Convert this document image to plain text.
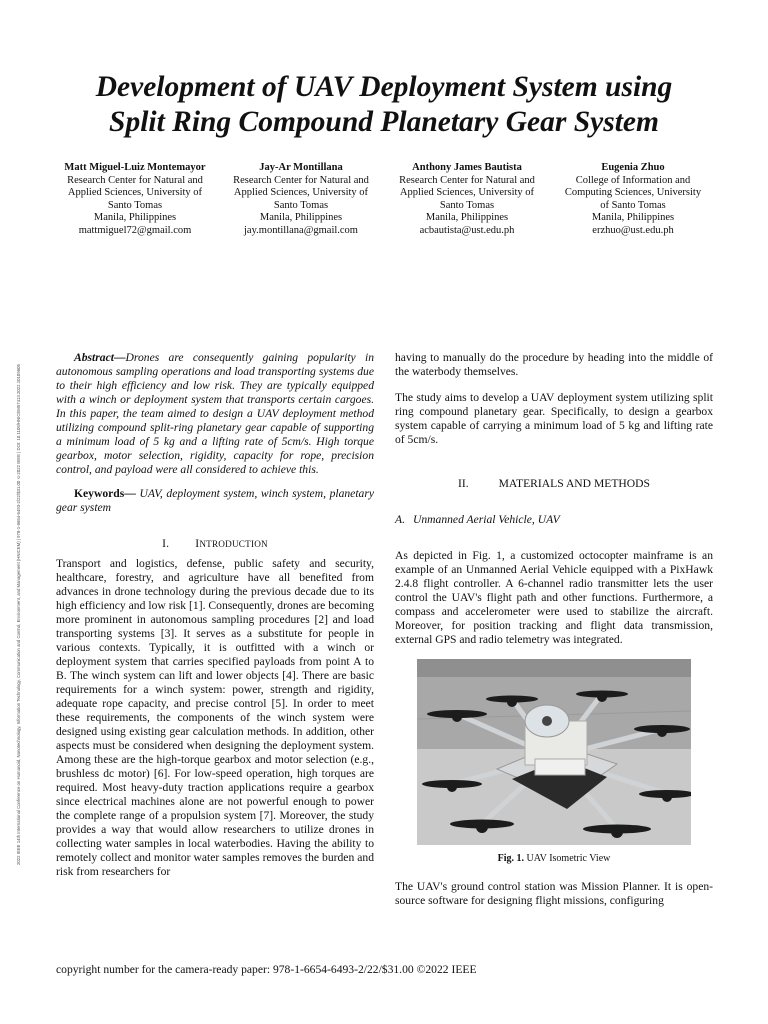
2022 IEEE 14th International Conference on Humanoid, Nanotechnology, Information Technology, Communication and Control, Environment, and Management (HNICEM) | 978-1-6654-6493-2/22/$31.00 ©2022 IEEE | DOI: 10.1109/HNICEM57413.2022.10109605
Development of UAV Deployment System using
Split Ring Compound Planetary Gear System
Matt Miguel-Luiz Montemayor
Research Center for Natural and
Applied Sciences, University of
Santo Tomas
Manila, Philippines
mattmiguel72@gmail.com
Jay-Ar Montillana
Research Center for Natural and
Applied Sciences, University of
Santo Tomas
Manila, Philippines
jay.montillana@gmail.com
Anthony James Bautista
Research Center for Natural and
Applied Sciences, University of
Santo Tomas
Manila, Philippines
acbautista@ust.edu.ph
Eugenia Zhuo
College of Information and
Computing Sciences, University
of Santo Tomas
Manila, Philippines
erzhuo@ust.edu.ph

Abstract—Drones are consequently gaining popularity in autonomous sampling operations and load transporting systems due to their high efficiency and low risk. They are typically equipped with a winch or deployment system that transports certain cargoes. In this paper, the team aimed to design a UAV deployment method utilizing compound split-ring planetary gear capable of supporting a minimum load of 5 kg and a lifting rate of 5cm/s. High torque gearbox, motor selection, rigidity, capacity for rope, precision control, and payload were all considered to achieve this.

Keywords— UAV, deployment system, winch system, planetary gear system

I. INTRODUCTION

Transport and logistics, defense, public safety and security, healthcare, forestry, and agriculture have all benefited from advances in drone technology during the previous decade due to its high efficiency and low risk [1]. Consequently, drones are becoming more prominent in autonomous sampling procedures [2] and load transporting systems [3]. It serves as a substitute for people in various contexts. Typically, it is outfitted with a winch or deployment system that carries specified payloads from point A to B. The winch system can lift and lower objects [4]. There are basic requirements for a winch system: power, strength and rigidity, adequate rope capacity, and precise control [5]. In order to meet these requirements, the components of the winch system were designed using existing gear calculation methods. In addition, other aspects must be considered when designing the deployment system. Among these are the high-torque gearbox and motor selection (e.g., brushless dc motor) [6]. For low-speed operation, high torques are required. Most heavy-duty traction applications require a gearbox since electrical machines alone are not powerful enough to power the complete range of a propulsion system [7]. Moreover, the study provides a way that would allow researchers to utilize drones in collecting water samples in local waterbodies. Having the ability to remotely collect and monitor water samples removes the burden and risk from researchers for

having to manually do the procedure by heading into the middle of the waterbody themselves.

The study aims to develop a UAV deployment system utilizing split ring compound planetary gear. Specifically, to design a gearbox system capable of carrying a minimum load of 5 kg and lifting rate of 5cm/s.

II.	MATERIALS AND METHODS
A. Unmanned Aerial Vehicle, UAV

As depicted in Fig. 1, a customized octocopter mainframe is an example of an Unmanned Aerial Vehicle equipped with a PixHawk 2.4.8 flight controller. A 6-channel radio transmitter lets the user control the UAV's flight path and other functions. Furthermore, a compass and accelerometer were used to stabilize the aircraft. Moreover, for position tracking and flight data transmission, external GPS and radio telemetry was integrated.

Fig. 1. UAV Isometric View

The UAV's ground control station was Mission Planner. It is open-source software for designing flight missions, configuring

copyright number for the camera-ready paper: 978-1-6654-6493-2/22/$31.00 ©2022 IEEE
